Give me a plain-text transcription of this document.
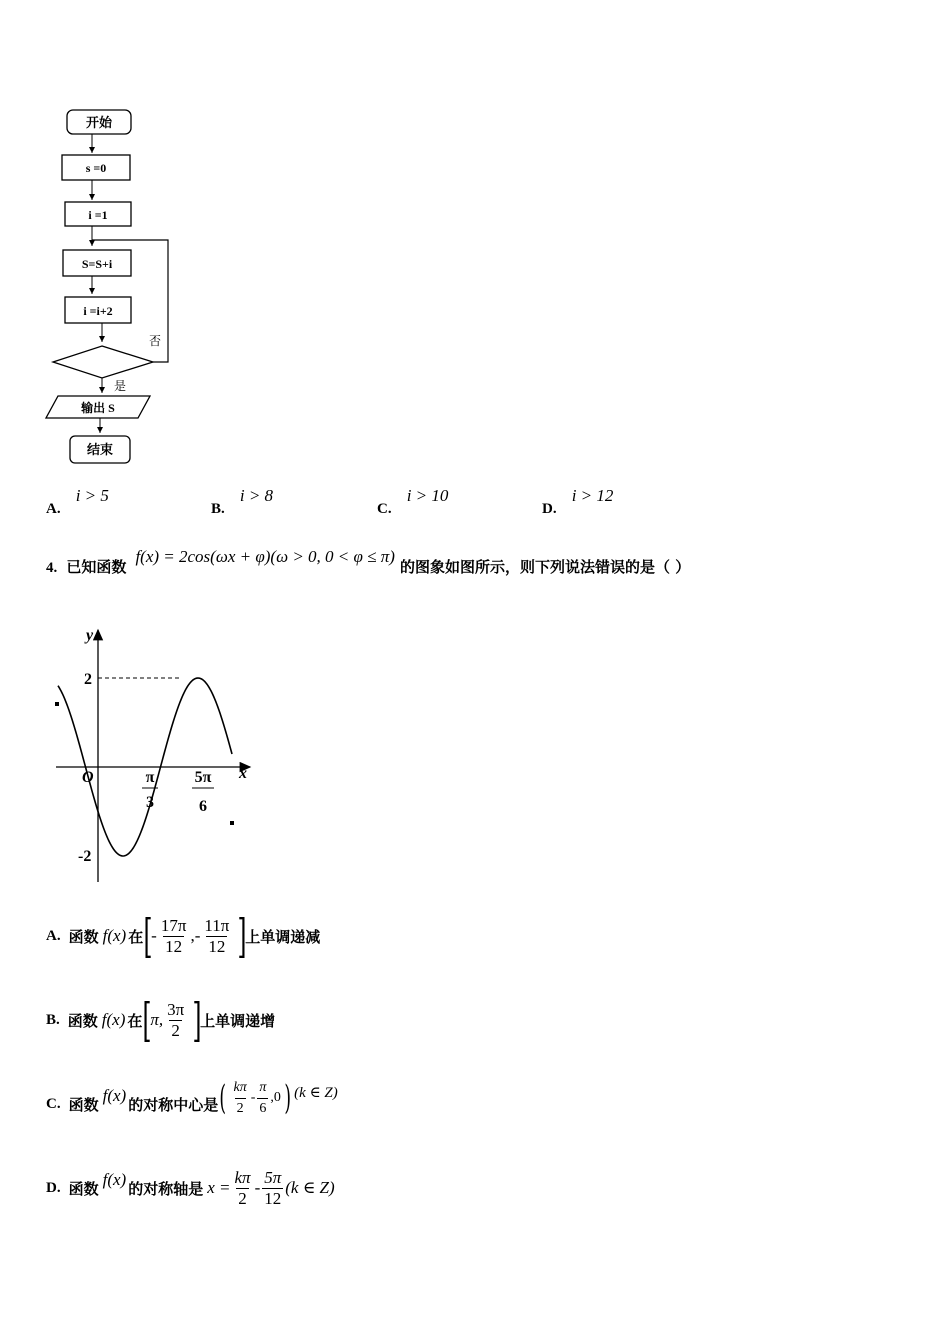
开始
s =0
i =1
S=S+i
i =i+2
否
是
输出 S
结束
A. i > 5
B. i > 8
C. i > 10
D. i > 12
4. 已知函数 f(x) = 2cos(ωx + φ)(ω > 0, 0 < φ ≤ π) 的图象如图所示，则下列说法错误的是（ ）
y
x
O
2
-2
π
3
5π
6
A. 函数 f(x) 在 [
- $\frac{17\pi}{12}$ ,- $\frac{11\pi}{12}$ ]
上单调递减
B. 函数 f(x) 在 [
π, $\frac{3\pi}{2}$ ]
上单调递增
C. 函数 f(x) 的对称中心是 ( $\frac{k\pi}{2} - \frac{\pi}{6} ,0$ ) (k ∈ Z)
D. 函数 f(x) 的对称轴是 $x = \frac{k\pi}{2} - \frac{5\pi}{12} (k$ ∈ Z)
